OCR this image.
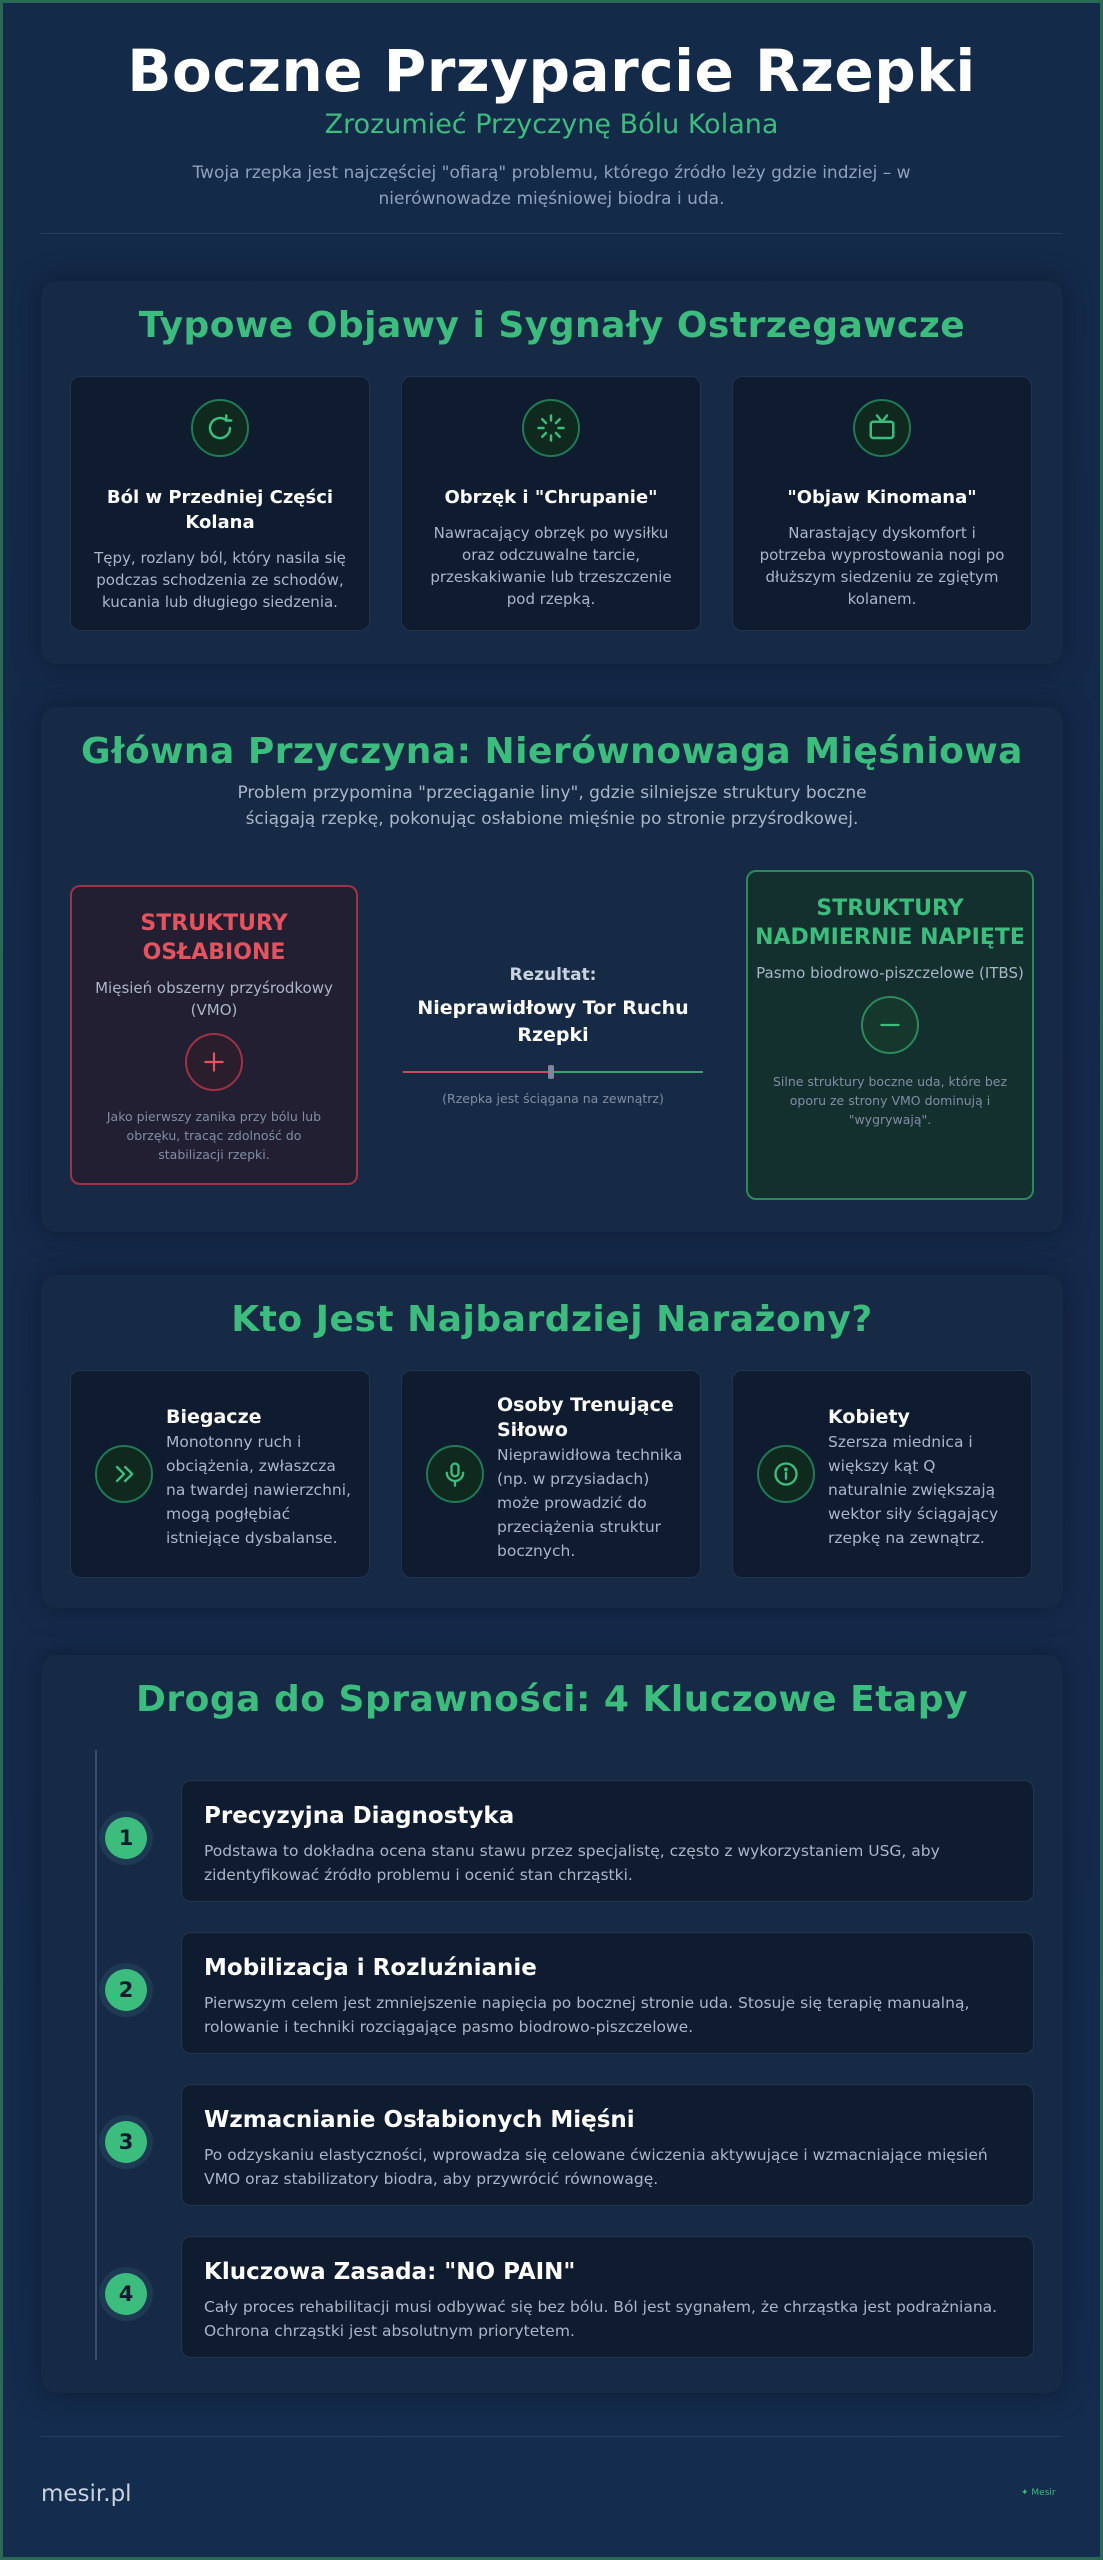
Boczne Przyparcie Rzepki
Zrozumieć Przyczynę Bólu Kolana
Twoja rzepka jest najczęściej "ofiarą" problemu, którego źródło leży gdzie indziej – w nierównowadze mięśniowej biodra i uda.
Typowe Objawy i Sygnały Ostrzegawcze
Ból w Przedniej Części Kolana
Tępy, rozlany ból, który nasila się podczas schodzenia ze schodów, kucania lub długiego siedzenia.
Obrzęk i "Chrupanie"
Nawracający obrzęk po wysiłku oraz odczuwalne tarcie, przeskakiwanie lub trzeszczenie pod rzepką.
"Objaw Kinomana"
Narastający dyskomfort i potrzeba wyprostowania nogi po dłuższym siedzeniu ze zgiętym kolanem.
Główna Przyczyna: Nierównowaga Mięśniowa
Problem przypomina "przeciąganie liny", gdzie silniejsze struktury boczne ściągają rzepkę, pokonując osłabione mięśnie po stronie przyśrodkowej.
STRUKTURY OSŁABIONE
Mięsień obszerny przyśrodkowy (VMO)
Jako pierwszy zanika przy bólu lub obrzęku, tracąc zdolność do stabilizacji rzepki.
Rezultat:
Nieprawidłowy Tor Ruchu Rzepki
(Rzepka jest ściągana na zewnątrz)
STRUKTURY NADMIERNIE NAPIĘTE
Pasmo biodrowo-piszczelowe (ITBS)
Silne struktury boczne uda, które bez oporu ze strony VMO dominują i "wygrywają".
Kto Jest Najbardziej Narażony?
Biegacze
Monotonny ruch i obciążenia, zwłaszcza na twardej nawierzchni, mogą pogłębiać istniejące dysbalanse.
Osoby Trenujące Siłowo
Nieprawidłowa technika (np. w przysiadach) może prowadzić do przeciążenia struktur bocznych.
Kobiety
Szersza miednica i większy kąt Q naturalnie zwiększają wektor siły ściągający rzepkę na zewnątrz.
Droga do Sprawności: 4 Kluczowe Etapy
1
Precyzyjna Diagnostyka
Podstawa to dokładna ocena stanu stawu przez specjalistę, często z wykorzystaniem USG, aby zidentyfikować źródło problemu i ocenić stan chrząstki.
2
Mobilizacja i Rozluźnianie
Pierwszym celem jest zmniejszenie napięcia po bocznej stronie uda. Stosuje się terapię manualną, rolowanie i techniki rozciągające pasmo biodrowo-piszczelowe.
3
Wzmacnianie Osłabionych Mięśni
Po odzyskaniu elastyczności, wprowadza się celowane ćwiczenia aktywujące i wzmacniające mięsień VMO oraz stabilizatory biodra, aby przywrócić równowagę.
4
Kluczowa Zasada: "NO PAIN"
Cały proces rehabilitacji musi odbywać się bez bólu. Ból jest sygnałem, że chrząstka jest podrażniana. Ochrona chrząstki jest absolutnym priorytetem.
mesir.pl	✦ Mesir
